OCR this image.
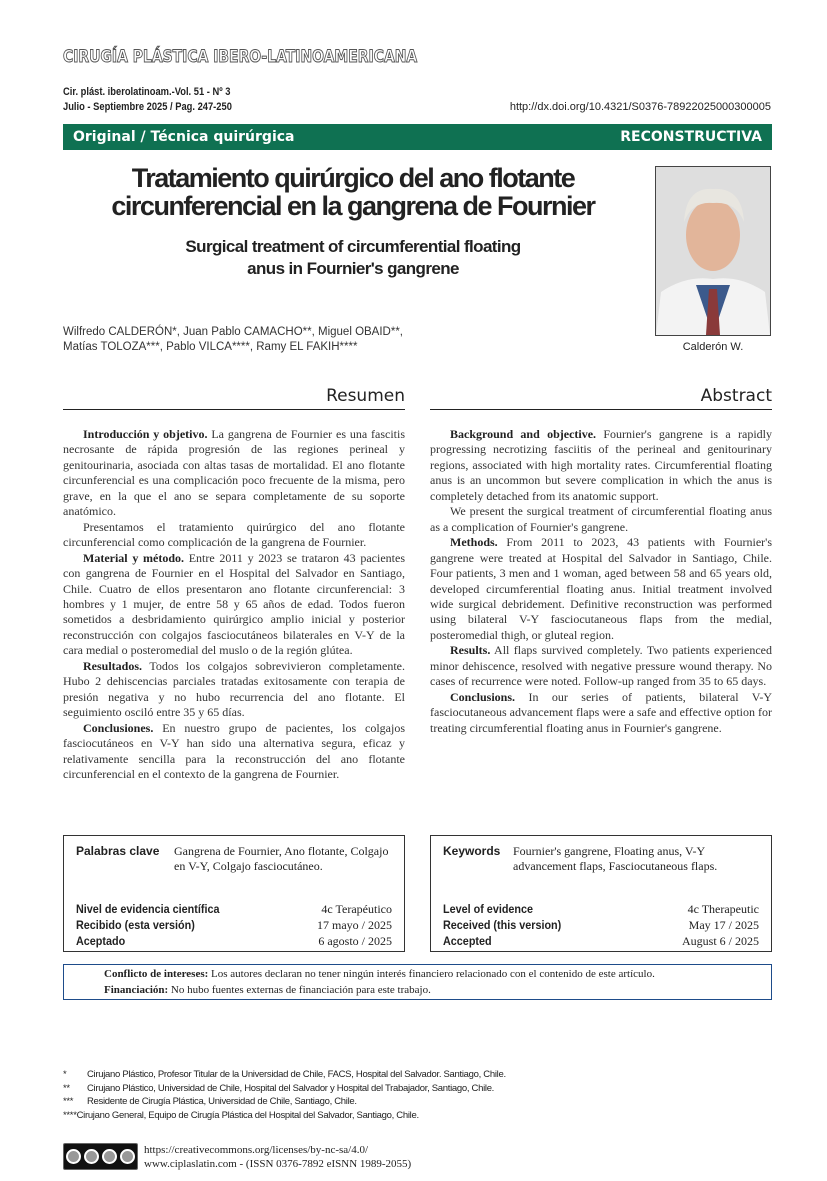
CIRUGÍA PLÁSTICA IBERO-LATINOAMERICANA
Cir. plást. iberolatinoam.-Vol. 51 - Nº 3
Julio - Septiembre 2025 / Pag. 247-250	http://dx.doi.org/10.4321/S0376-78922025000300005
Original / Técnica quirúrgica	RECONSTRUCTIVA
Tratamiento quirúrgico del ano flotante
circunferencial en la gangrena de Fournier
Surgical treatment of circumferential floating
anus in Fournier's gangrene
Calderón W.
Wilfredo CALDERÓN*, Juan Pablo CAMACHO**, Miguel OBAID**,
Matías TOLOZA***, Pablo VILCA****, Ramy EL FAKIH****
Resumen	Abstract

Introducción y objetivo. La gangrena de Fournier es una fascitis necrosante de rápida progresión de las regiones perineal y genitourinaria, asociada con altas tasas de mortalidad. El ano flotante circunferencial es una complicación poco frecuente de la misma, pero grave, en la que el ano se separa completamente de su soporte anatómico.

Presentamos el tratamiento quirúrgico del ano flotante circunferencial como complicación de la gangrena de Fournier.

Material y método. Entre 2011 y 2023 se trataron 43 pacientes con gangrena de Fournier en el Hospital del Salvador en Santiago, Chile. Cuatro de ellos presentaron ano flotante circunferencial: 3 hombres y 1 mujer, de entre 58 y 65 años de edad. Todos fueron sometidos a desbridamiento quirúrgico amplio inicial y posterior reconstrucción con colgajos fasciocutáneos bilaterales en V-Y de la cara medial o posteromedial del muslo o de la región glútea.

Resultados. Todos los colgajos sobrevivieron completamente. Hubo 2 dehiscencias parciales tratadas exitosamente con terapia de presión negativa y no hubo recurrencia del ano flotante. El seguimiento osciló entre 35 y 65 días.

Conclusiones. En nuestro grupo de pacientes, los colgajos fasciocutáneos en V-Y han sido una alternativa segura, eficaz y relativamente sencilla para la reconstrucción del ano flotante circunferencial en el contexto de la gangrena de Fournier.

Background and objective. Fournier's gangrene is a rapidly progressing necrotizing fasciitis of the perineal and genitourinary regions, associated with high mortality rates. Circumferential floating anus is an uncommon but severe complication in which the anus is completely detached from its anatomic support.

We present the surgical treatment of circumferential floating anus as a complication of Fournier's gangrene.

Methods. From 2011 to 2023, 43 patients with Fournier's gangrene were treated at Hospital del Salvador in Santiago, Chile. Four patients, 3 men and 1 woman, aged between 58 and 65 years old, developed circumferential floating anus. Initial treatment involved wide surgical debridement. Definitive reconstruction was performed using bilateral V-Y fasciocutaneous flaps from the medial, posteromedial thigh, or gluteal region.

Results. All flaps survived completely. Two patients experienced minor dehiscence, resolved with negative pressure wound therapy. No cases of recurrence were noted. Follow-up ranged from 35 to 65 days.

Conclusions. In our series of patients, bilateral V-Y fasciocutaneous advancement flaps were a safe and effective option for treating circumferential floating anus in Fournier's gangrene.

Palabras clave	Gangrena de Fournier, Ano flotante, Colgajo en V-Y, Colgajo fasciocutáneo.
Nivel de evidencia científica	4c Terapéutico
Recibido (esta versión)	17 mayo / 2025
Aceptado	6 agosto / 2025
Keywords	Fournier's gangrene, Floating anus, V-Y advancement flaps, Fasciocutaneous flaps.
Level of evidence	4c Therapeutic
Received (this version)	May 17 / 2025
Accepted	August 6 / 2025
Conflicto de intereses: Los autores declaran no tener ningún interés financiero relacionado con el contenido de este artículo.
Financiación: No hubo fuentes externas de financiación para este trabajo.
* Cirujano Plástico, Profesor Titular de la Universidad de Chile, FACS, Hospital del Salvador. Santiago, Chile.
** Cirujano Plástico, Universidad de Chile, Hospital del Salvador y Hospital del Trabajador, Santiago, Chile.
*** Residente de Cirugía Plástica, Universidad de Chile, Santiago, Chile.
****Cirujano General, Equipo de Cirugía Plástica del Hospital del Salvador, Santiago, Chile.
https://creativecommons.org/licenses/by-nc-sa/4.0/
www.ciplaslatin.com - (ISSN 0376-7892 eISNN 1989-2055)
